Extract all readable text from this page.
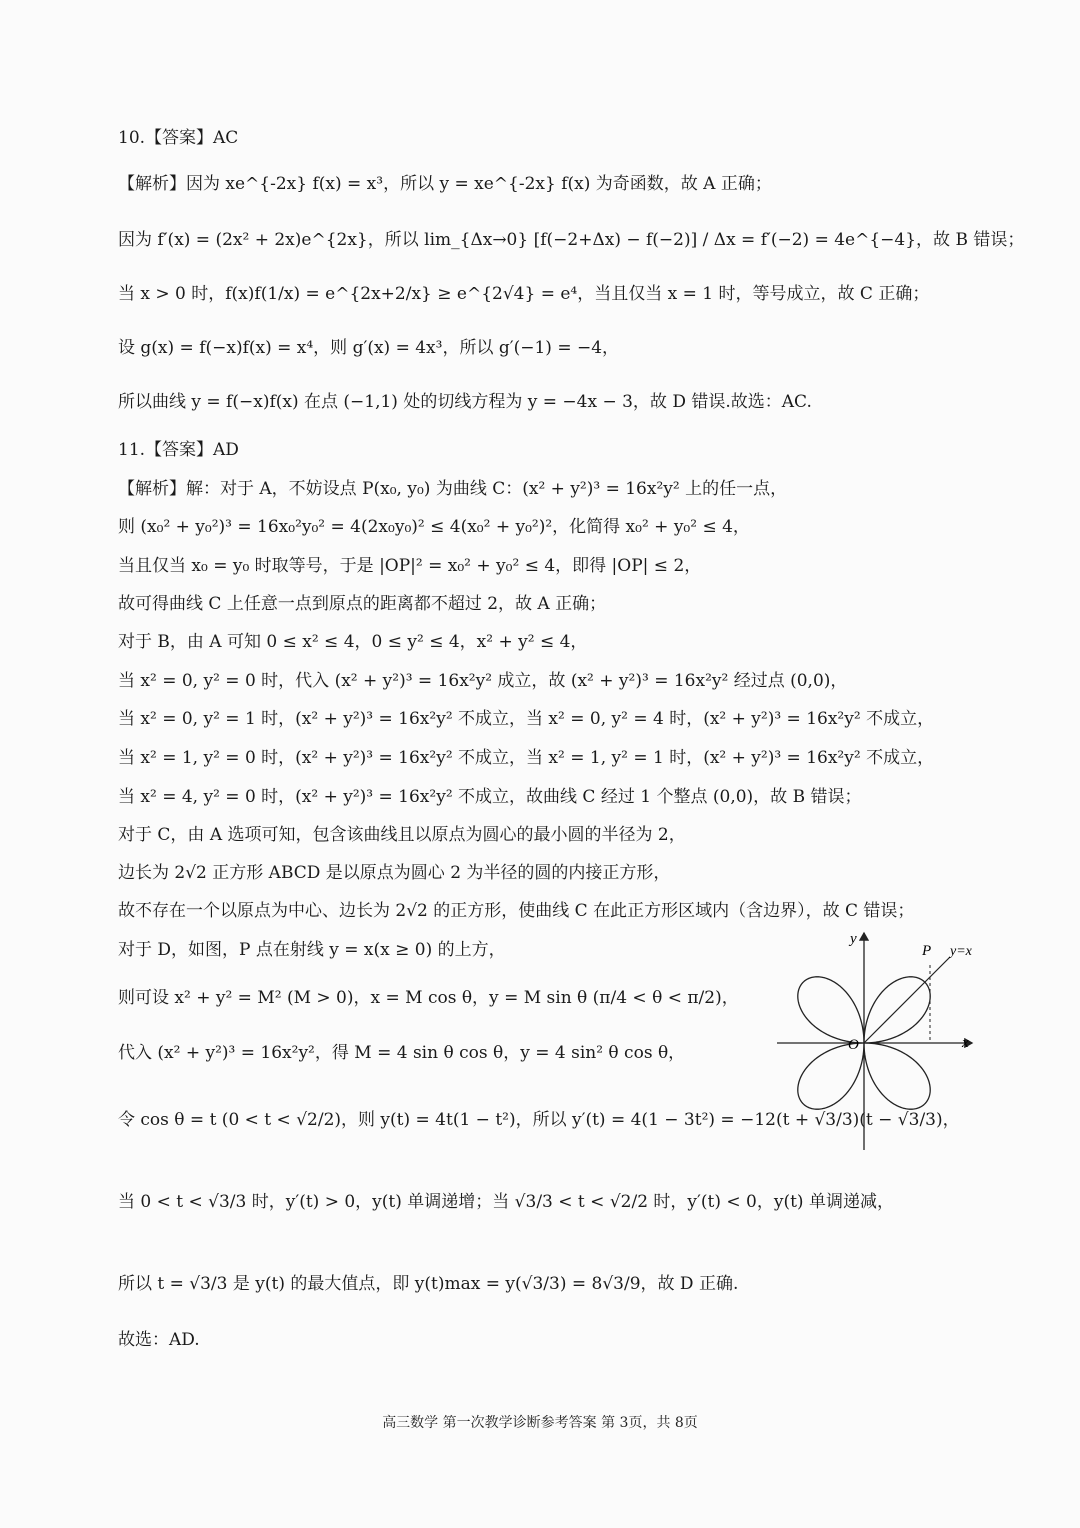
10.【答案】AC
【解析】因为 xe^{-2x} f(x) = x³，所以 y = xe^{-2x} f(x) 为奇函数，故 A 正确；
因为 f′(x) = (2x² + 2x)e^{2x}，所以 lim_{Δx→0} [f(−2+Δx) − f(−2)] / Δx = f′(−2) = 4e^{−4}，故 B 错误；
当 x > 0 时，f(x)f(1/x) = e^{2x+2/x} ≥ e^{2√4} = e⁴，当且仅当 x = 1 时，等号成立，故 C 正确；
设 g(x) = f(−x)f(x) = x⁴，则 g′(x) = 4x³，所以 g′(−1) = −4，
所以曲线 y = f(−x)f(x) 在点 (−1,1) 处的切线方程为 y = −4x − 3，故 D 错误.故选：AC.
11.【答案】AD
【解析】解：对于 A，不妨设点 P(x₀, y₀) 为曲线 C：(x² + y²)³ = 16x²y² 上的任一点，
则 (x₀² + y₀²)³ = 16x₀²y₀² = 4(2x₀y₀)² ≤ 4(x₀² + y₀²)²，化简得 x₀² + y₀² ≤ 4，
当且仅当 x₀ = y₀ 时取等号，于是 |OP|² = x₀² + y₀² ≤ 4，即得 |OP| ≤ 2，
故可得曲线 C 上任意一点到原点的距离都不超过 2，故 A 正确；
对于 B，由 A 可知 0 ≤ x² ≤ 4，0 ≤ y² ≤ 4，x² + y² ≤ 4，
当 x² = 0, y² = 0 时，代入 (x² + y²)³ = 16x²y² 成立，故 (x² + y²)³ = 16x²y² 经过点 (0,0)，
当 x² = 0, y² = 1 时，(x² + y²)³ = 16x²y² 不成立，当 x² = 0, y² = 4 时，(x² + y²)³ = 16x²y² 不成立，
当 x² = 1, y² = 0 时，(x² + y²)³ = 16x²y² 不成立，当 x² = 1, y² = 1 时，(x² + y²)³ = 16x²y² 不成立，
当 x² = 4, y² = 0 时，(x² + y²)³ = 16x²y² 不成立，故曲线 C 经过 1 个整点 (0,0)，故 B 错误；
对于 C，由 A 选项可知，包含该曲线且以原点为圆心的最小圆的半径为 2，
边长为 2√2 正方形 ABCD 是以原点为圆心 2 为半径的圆的内接正方形，
故不存在一个以原点为中心、边长为 2√2 的正方形，使曲线 C 在此正方形区域内（含边界），故 C 错误；
对于 D，如图，P 点在射线 y = x(x ≥ 0) 的上方，
则可设 x² + y² = M² (M > 0)，x = M cos θ，y = M sin θ (π/4 < θ < π/2)，
代入 (x² + y²)³ = 16x²y²，得 M = 4 sin θ cos θ，y = 4 sin² θ cos θ，
令 cos θ = t (0 < t < √2/2)，则 y(t) = 4t(1 − t²)，所以 y′(t) = 4(1 − 3t²) = −12(t + √3/3)(t − √3/3)，
当 0 < t < √3/3 时，y′(t) > 0，y(t) 单调递增；当 √3/3 < t < √2/2 时，y′(t) < 0，y(t) 单调递减，
所以 t = √3/3 是 y(t) 的最大值点，即 y(t)max = y(√3/3) = 8√3/9，故 D 正确.
故选：AD.
y
x
O
P y=x
高三数学 第一次教学诊断参考答案 第 3页，共 8页
